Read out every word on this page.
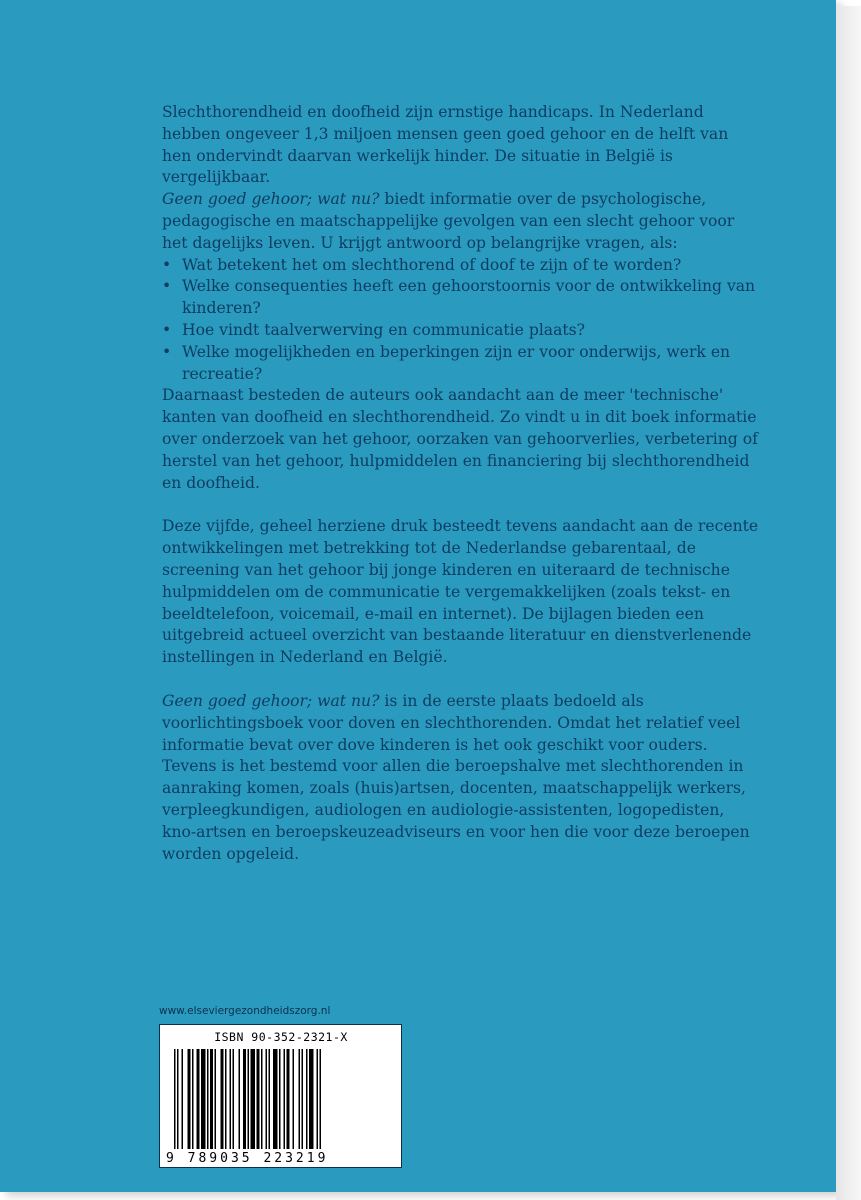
Slechthorendheid en doofheid zijn ernstige handicaps. In Nederland hebben ongeveer 1,3 miljoen mensen geen goed gehoor en de helft van hen ondervindt daarvan werkelijk hinder. De situatie in België is vergelijkbaar.

Geen goed gehoor; wat nu? biedt informatie over de psychologische, pedagogische en maatschappelijke gevolgen van een slecht gehoor voor het dagelijks leven. U krijgt antwoord op belangrijke vragen, als:

• Wat betekent het om slechthorend of doof te zijn of te worden?
• Welke consequenties heeft een gehoorstoornis voor de ontwikkeling van kinderen?
• Hoe vindt taalverwerving en communicatie plaats?
• Welke mogelijkheden en beperkingen zijn er voor onderwijs, werk en recreatie?

Daarnaast besteden de auteurs ook aandacht aan de meer 'technische' kanten van doofheid en slechthorendheid. Zo vindt u in dit boek informatie over onderzoek van het gehoor, oorzaken van gehoorverlies, verbetering of herstel van het gehoor, hulpmiddelen en financiering bij slechthorendheid en doofheid.

Deze vijfde, geheel herziene druk besteedt tevens aandacht aan de recente ontwikkelingen met betrekking tot de Nederlandse gebarentaal, de screening van het gehoor bij jonge kinderen en uiteraard de technische hulpmiddelen om de communicatie te vergemakkelijken (zoals tekst- en beeldtelefoon, voicemail, e-mail en internet). De bijlagen bieden een uitgebreid actueel overzicht van bestaande literatuur en dienstverlenende instellingen in Nederland en België.

Geen goed gehoor; wat nu? is in de eerste plaats bedoeld als voorlichtingsboek voor doven en slechthorenden. Omdat het relatief veel informatie bevat over dove kinderen is het ook geschikt voor ouders. Tevens is het bestemd voor allen die beroepshalve met slechthorenden in aanraking komen, zoals (huis)artsen, docenten, maatschappelijk werkers, verpleegkundigen, audiologen en audiologie-assistenten, logopedisten, kno-artsen en beroepskeuzeadviseurs en voor hen die voor deze beroepen worden opgeleid.

www.elseviergezondheidszorg.nl
ISBN 90-352-2321-X
9 789035 223219
